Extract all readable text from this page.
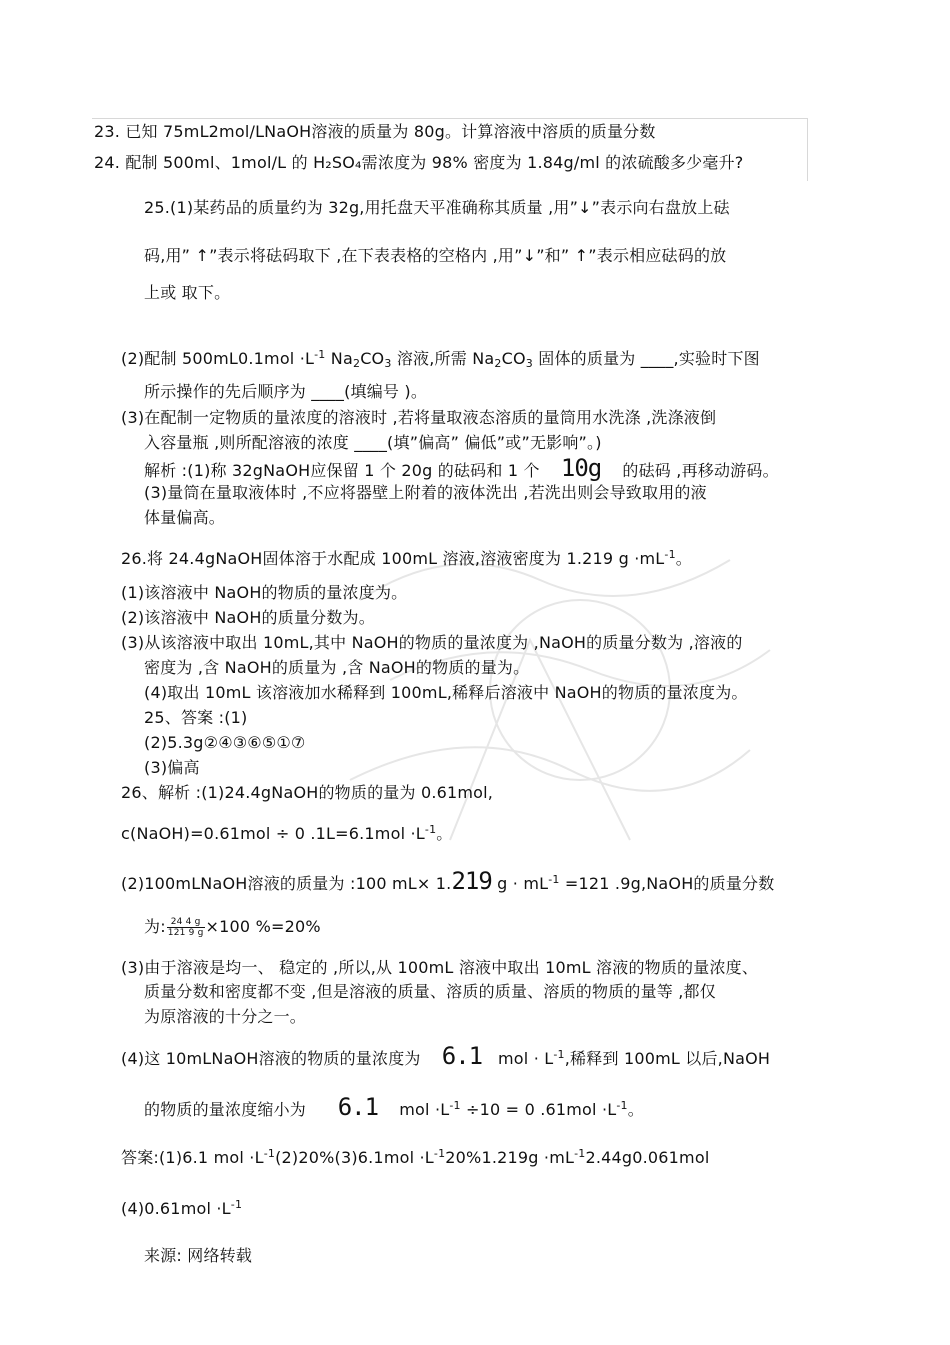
23. 已知 75mL2mol/LNaOH溶液的质量为 80g。计算溶液中溶质的质量分数
24. 配制 500ml、1mol/L 的 H₂SO₄需浓度为 98% 密度为 1.84g/ml 的浓硫酸多少毫升?
25.(1)某药品的质量约为 32g,用托盘天平准确称其质量 ,用”↓”表示向右盘放上砝
码,用” ↑”表示将砝码取下 ,在下表表格的空格内 ,用”↓”和” ↑”表示相应砝码的放
上或 取下。
(2)配制 $500mL0.1mol \cdot L^{-1}$ $Na_2CO_3$ 溶液,所需 $Na_2CO_3$ 固体的质量为 ____,实验时下图
所示操作的先后顺序为 ____(填编号 )。
(3)在配制一定物质的量浓度的溶液时 ,若将量取液态溶质的量筒用水洗涤 ,洗涤液倒
入容量瓶 ,则所配溶液的浓度 ____(填”偏高” 偏低”或”无影响”。)
解析 :(1)称 32gNaOH应保留 1 个 20g 的砝码和 1 个 10g 的砝码 ,再移动游码。
(3)量筒在量取液体时 ,不应将器壁上附着的液体洗出 ,若洗出则会导致取用的液
体量偏高。
26.将 24.4gNaOH固体溶于水配成 100mL 溶液,溶液密度为 1.219 $g \cdot mL^{-1}$。
(1)该溶液中 NaOH的物质的量浓度为。
(2)该溶液中 NaOH的质量分数为。
(3)从该溶液中取出 10mL,其中 NaOH的物质的量浓度为 ,NaOH的质量分数为 ,溶液的
密度为 ,含 NaOH的质量为 ,含 NaOH的物质的量为。
(4)取出 10mL 该溶液加水稀释到 100mL,稀释后溶液中 NaOH的物质的量浓度为。
25、答案 :(1)
(2)5.3g②④③⑥⑤①⑦
(3)偏高
26、解析 :(1)24.4gNaOH的物质的量为 0.61mol,
c(NaOH)=0.61mol ÷ 0 $.1L=6.1mol \cdot L^{-1}$。
(2)100mLNaOH溶液的质量为 :100 mL× 1.219 $g \cdot mL^{-1} =121$ .9g,NaOH的质量分数
为: $\frac{24 4 g}{121 9 g} \times 100$ %=20%
(3)由于溶液是均一、 稳定的 ,所以,从 100mL 溶液中取出 10mL 溶液的物质的量浓度、
质量分数和密度都不变 ,但是溶液的质量、溶质的质量、溶质的物质的量等 ,都仅
为原溶液的十分之一。
(4)这 10mLNaOH溶液的物质的量浓度为 6.1 mol · $L^{-1}$,稀释到 100mL 以后,NaOH
的物质的量浓度缩小为 6.1 mol $\cdot L^{-1} \div 10 = 0$ $.61mol \cdot L^{-1}$。
答案:(1)6.1 mol $\cdot L^{-1}(2)20\%(3)6.1mol \cdot L^{-1}20\%1.219g \cdot mL^{-1}2.44g0.061mol$
$(4)0.61mol \cdot L^{-1}$
来源: 网络转载
